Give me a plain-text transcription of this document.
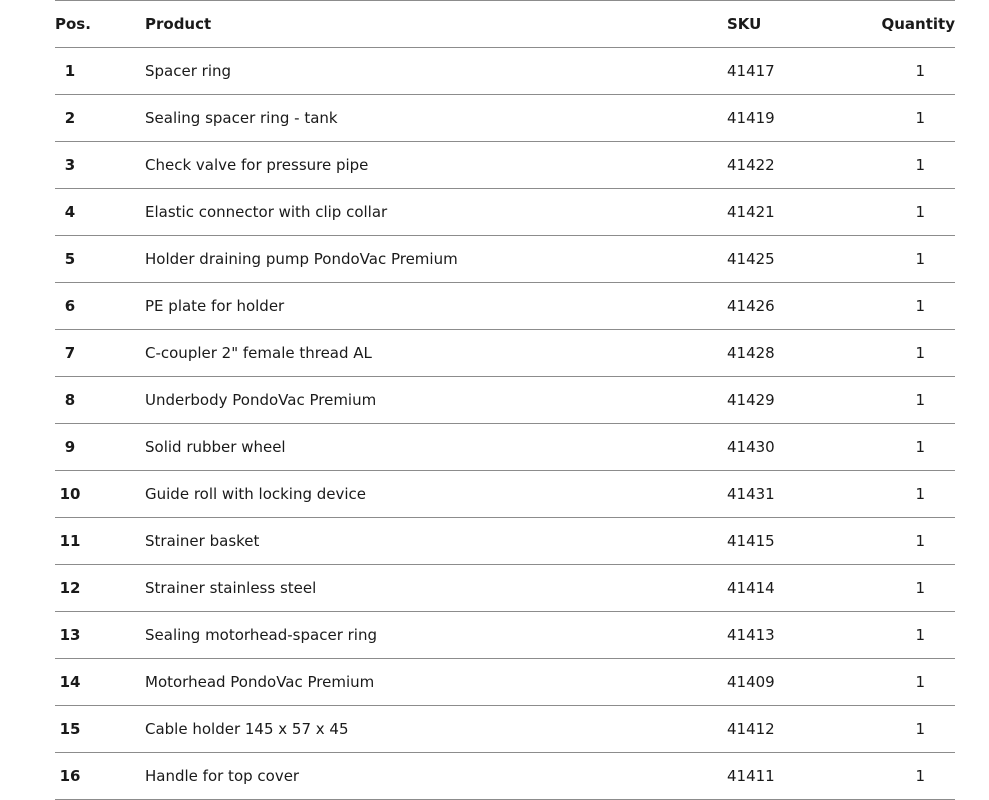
Pos.	Product	SKU	Quantity
1	Spacer ring	41417	1
2	Sealing spacer ring - tank	41419	1
3	Check valve for pressure pipe	41422	1
4	Elastic connector with clip collar	41421	1
5	Holder draining pump PondoVac Premium	41425	1
6	PE plate for holder	41426	1
7	C-coupler 2" female thread AL	41428	1
8	Underbody PondoVac Premium	41429	1
9	Solid rubber wheel	41430	1
10	Guide roll with locking device	41431	1
11	Strainer basket	41415	1
12	Strainer stainless steel	41414	1
13	Sealing motorhead-spacer ring	41413	1
14	Motorhead PondoVac Premium	41409	1
15	Cable holder 145 x 57 x 45	41412	1
16	Handle for top cover	41411	1
